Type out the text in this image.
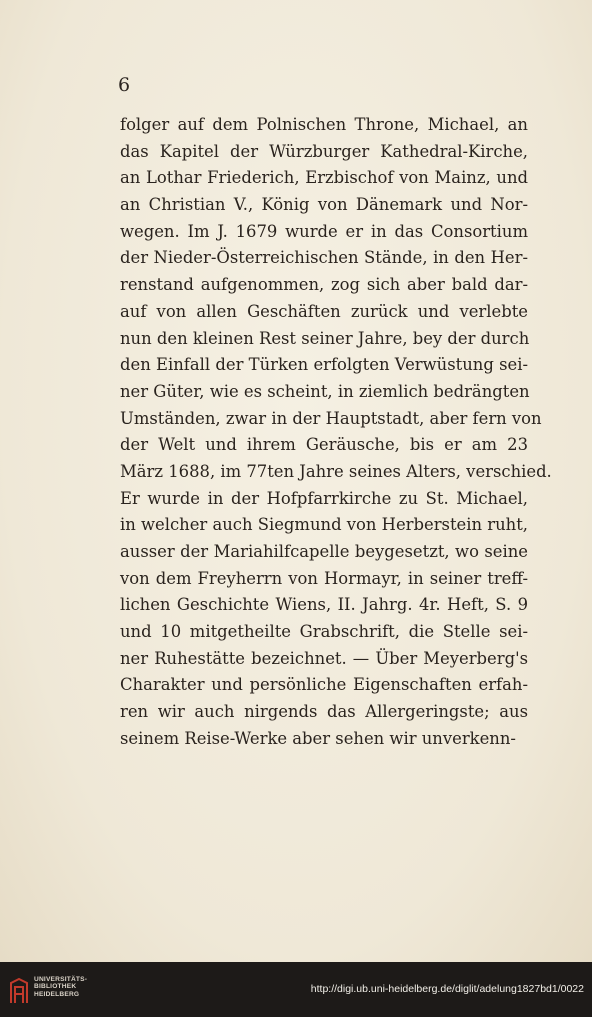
6
folger auf dem Polnischen Throne, Michael, an
das Kapitel der Würzburger Kathedral-Kirche,
an Lothar Friederich, Erzbischof von Mainz, und
an Christian V., König von Dänemark und Nor-
wegen. Im J. 1679 wurde er in das Consortium
der Nieder-Österreichischen Stände, in den Her-
renstand aufgenommen, zog sich aber bald dar-
auf von allen Geschäften zurück und verlebte
nun den kleinen Rest seiner Jahre, bey der durch
den Einfall der Türken erfolgten Verwüstung sei-
ner Güter, wie es scheint, in ziemlich bedrängten
Umständen, zwar in der Hauptstadt, aber fern von
der Welt und ihrem Geräusche, bis er am 23
März 1688, im 77ten Jahre seines Alters, verschied.
Er wurde in der Hofpfarrkirche zu St. Michael,
in welcher auch Siegmund von Herberstein ruht,
ausser der Mariahilfcapelle beygesetzt, wo seine
von dem Freyherrn von Hormayr, in seiner treff-
lichen Geschichte Wiens, II. Jahrg. 4r. Heft, S. 9
und 10 mitgetheilte Grabschrift, die Stelle sei-
ner Ruhestätte bezeichnet. — Über Meyerberg's
Charakter und persönliche Eigenschaften erfah-
ren wir auch nirgends das Allergeringste; aus
seinem Reise-Werke aber sehen wir unverkenn-
UNIVERSITÄTS-
BIBLIOTHEK
HEIDELBERG	http://digi.ub.uni-heidelberg.de/diglit/adelung1827bd1/0022
